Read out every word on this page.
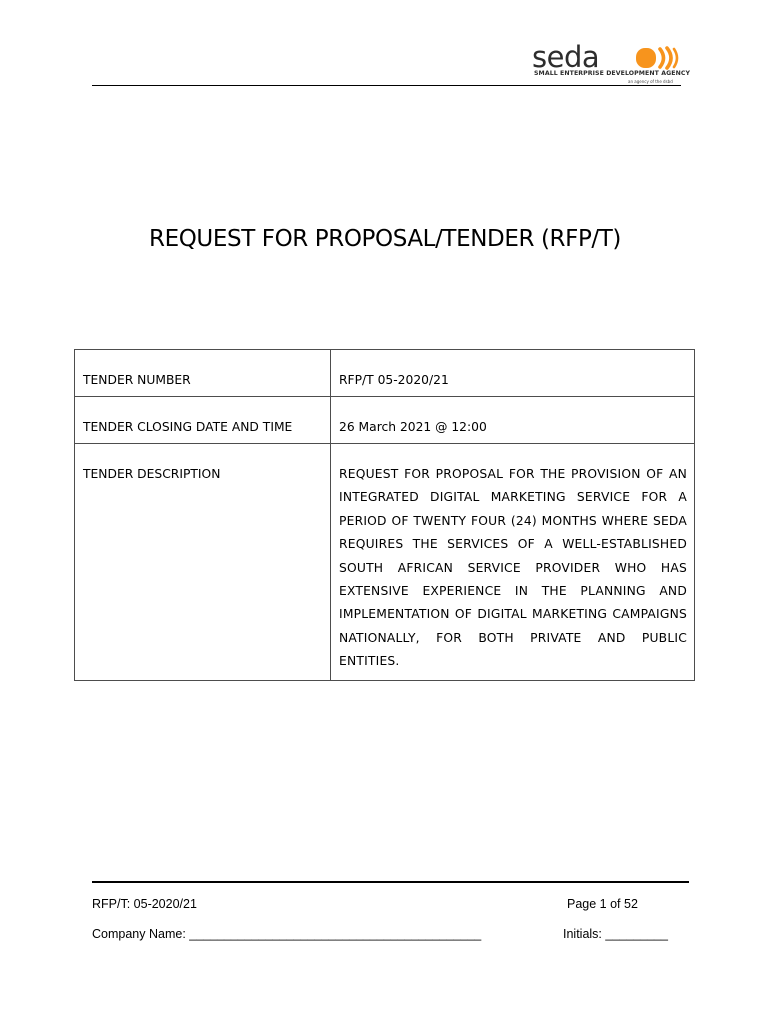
seda
SMALL ENTERPRISE DEVELOPMENT AGENCY
an agency of the dsbd
REQUEST FOR PROPOSAL/TENDER (RFP/T)
TENDER NUMBER	RFP/T 05-2020/21

TENDER CLOSING DATE AND TIME	26 March 2021 @ 12:00

TENDER DESCRIPTION	REQUEST FOR PROPOSAL FOR THE PROVISION OF AN INTEGRATED DIGITAL MARKETING SERVICE FOR A PERIOD OF TWENTY FOUR (24) MONTHS WHERE SEDA REQUIRES THE SERVICES OF A WELL-ESTABLISHED SOUTH AFRICAN SERVICE PROVIDER WHO HAS EXTENSIVE EXPERIENCE IN THE PLANNING AND IMPLEMENTATION OF DIGITAL MARKETING CAMPAIGNS NATIONALLY, FOR BOTH PRIVATE AND PUBLIC ENTITIES.
RFP/T: 05-2020/21	Page 1 of 52
Company Name: __________________________________________	Initials: _________
